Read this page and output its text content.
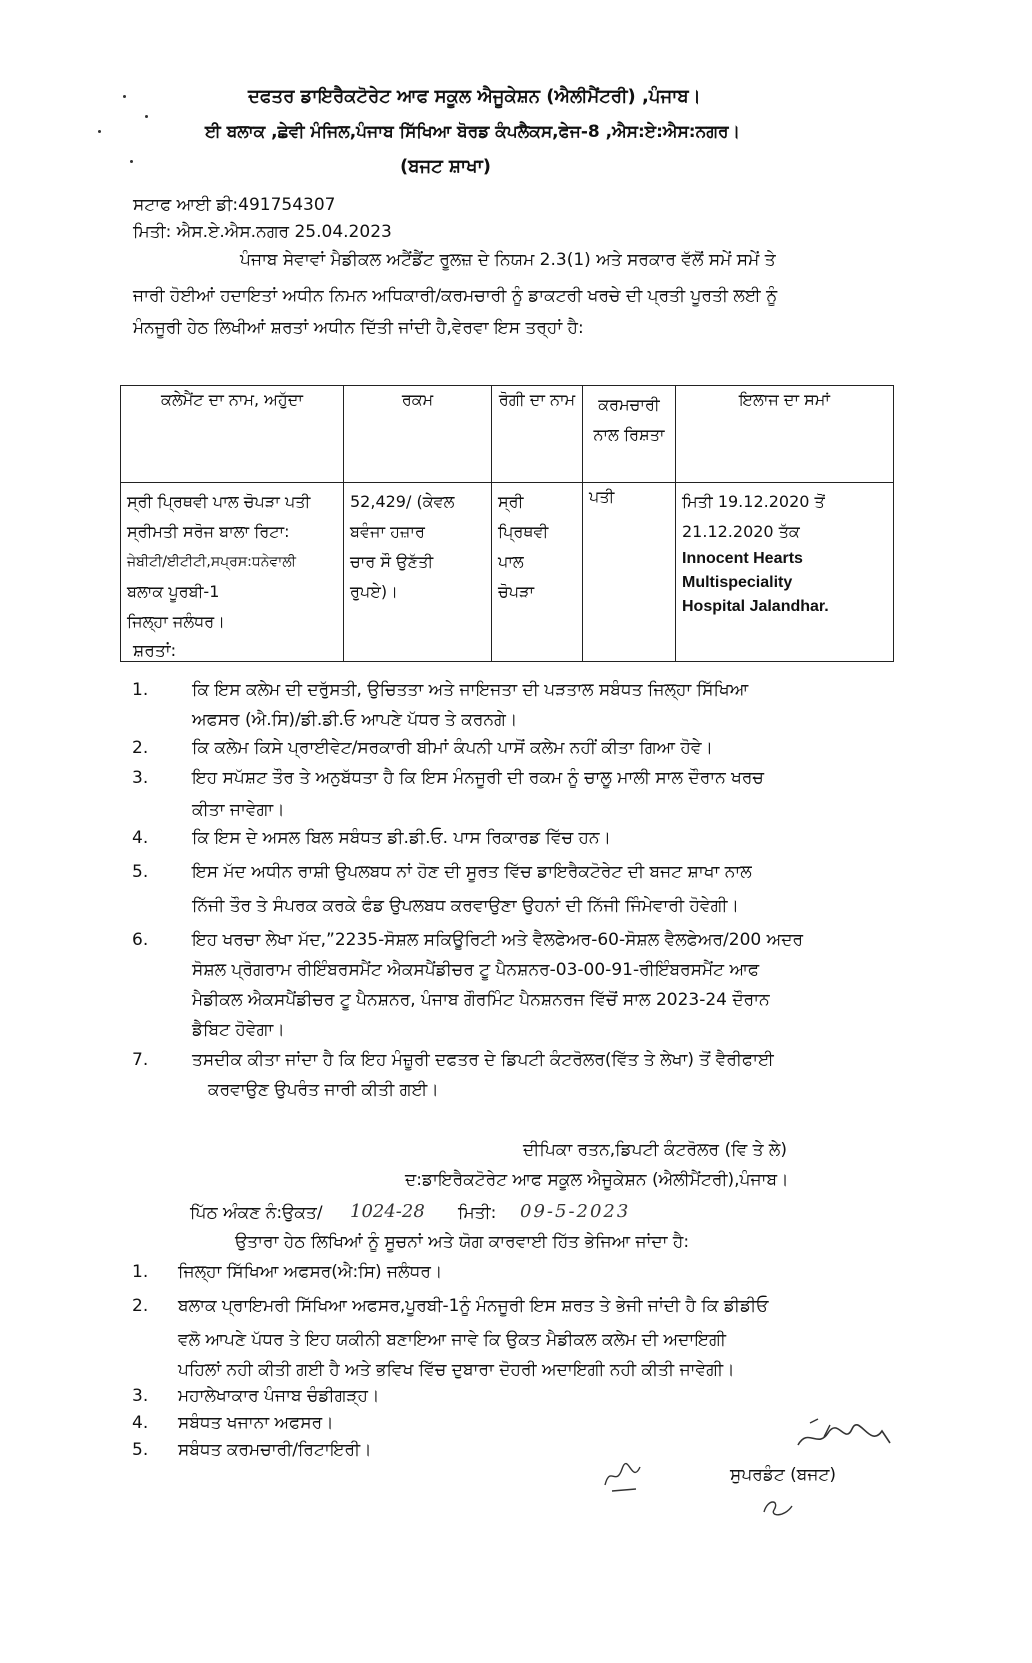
ਦਫਤਰ ਡਾਇਰੈਕਟੋਰੇਟ ਆਫ ਸਕੂਲ ਐਜੂਕੇਸ਼ਨ (ਐਲੀਮੈਂਟਰੀ) ,ਪੰਜਾਬ।
ਈ ਬਲਾਕ ,ਛੇਵੀ ਮੰਜਿਲ,ਪੰਜਾਬ ਸਿੱਖਿਆ ਬੋਰਡ ਕੰਪਲੈਕਸ,ਫੇਜ-8 ,ਐਸ:ਏ:ਐਸ:ਨਗਰ।
(ਬਜਟ ਸ਼ਾਖਾ)
ਸਟਾਫ ਆਈ ਡੀ:491754307
ਮਿਤੀ: ਐਸ.ਏ.ਐਸ.ਨਗਰ 25.04.2023
ਪੰਜਾਬ ਸੇਵਾਵਾਂ ਮੈਡੀਕਲ ਅਟੈਂਡੈਂਟ ਰੂਲਜ਼ ਦੇ ਨਿਯਮ 2.3(1) ਅਤੇ ਸਰਕਾਰ ਵੱਲੋਂ ਸਮੇਂ ਸਮੇਂ ਤੇ
ਜਾਰੀ ਹੋਈਆਂ ਹਦਾਇਤਾਂ ਅਧੀਨ ਨਿਮਨ ਅਧਿਕਾਰੀ/ਕਰਮਚਾਰੀ ਨੂੰ ਡਾਕਟਰੀ ਖਰਚੇ ਦੀ ਪ੍ਰਤੀ ਪੂਰਤੀ ਲਈ ਨੂੰ
ਮੰਨਜੂਰੀ ਹੇਠ ਲਿਖੀਆਂ ਸ਼ਰਤਾਂ ਅਧੀਨ ਦਿੱਤੀ ਜਾਂਦੀ ਹੈ,ਵੇਰਵਾ ਇਸ ਤਰ੍ਹਾਂ ਹੈ:
ਕਲੇਮੈਂਟ ਦਾ ਨਾਮ, ਅਹੁੱਦਾ	ਰਕਮ	ਰੋਗੀ ਦਾ ਨਾਮ	ਕਰਮਚਾਰੀ ਨਾਲ ਰਿਸ਼ਤਾ	ਇਲਾਜ ਦਾ ਸਮਾਂ

ਸ੍ਰੀ ਪ੍ਰਿਥਵੀ ਪਾਲ ਚੋਪੜਾ ਪਤੀ
ਸ੍ਰੀਮਤੀ ਸਰੋਜ ਬਾਲਾ ਰਿਟਾ:
ਜੇਬੀਟੀ/ਈਟੀਟੀ,ਸਪ੍ਰਸ:ਧਨੇਵਾਲੀ
ਬਲਾਕ ਪੂਰਬੀ-1
ਜਿਲ੍ਹਾ ਜਲੰਧਰ।	52,429/ (ਕੇਵਲ
ਬਵੰਜਾ ਹਜ਼ਾਰ
ਚਾਰ ਸੌ ਉਣੱਤੀ
ਰੁਪਏ)।	ਸ੍ਰੀ ਪ੍ਰਿਥਵੀ
ਪਾਲ
ਚੋਪੜਾ	ਪਤੀ	ਮਿਤੀ 19.12.2020 ਤੋਂ
21.12.2020 ਤੱਕ
Innocent Hearts
Multispeciality
Hospital Jalandhar.
ਸ਼ਰਤਾਂ:
1.	ਕਿ ਇਸ ਕਲੇਮ ਦੀ ਦਰੁੱਸਤੀ, ਉਚਿਤਤਾ ਅਤੇ ਜਾਇਜਤਾ ਦੀ ਪੜਤਾਲ ਸਬੰਧਤ ਜਿਲ੍ਹਾ ਸਿੱਖਿਆ
ਅਫਸਰ (ਐ.ਸਿ)/ਡੀ.ਡੀ.ਓ ਆਪਣੇ ਪੱਧਰ ਤੇ ਕਰਨਗੇ।
2.	ਕਿ ਕਲੇਮ ਕਿਸੇ ਪ੍ਰਾਈਵੇਟ/ਸਰਕਾਰੀ ਬੀਮਾਂ ਕੰਪਨੀ ਪਾਸੋਂ ਕਲੇਮ ਨਹੀਂ ਕੀਤਾ ਗਿਆ ਹੋਵੇ।
3.	ਇਹ ਸਪੱਸ਼ਟ ਤੌਰ ਤੇ ਅਨੁਬੱਧਤਾ ਹੈ ਕਿ ਇਸ ਮੰਨਜੂਰੀ ਦੀ ਰਕਮ ਨੂੰ ਚਾਲੂ ਮਾਲੀ ਸਾਲ ਦੌਰਾਨ ਖਰਚ
ਕੀਤਾ ਜਾਵੇਗਾ।
4.	ਕਿ ਇਸ ਦੇ ਅਸਲ ਬਿਲ ਸਬੰਧਤ ਡੀ.ਡੀ.ਓ. ਪਾਸ ਰਿਕਾਰਡ ਵਿੱਚ ਹਨ।
5.	ਇਸ ਮੱਦ ਅਧੀਨ ਰਾਸ਼ੀ ਉਪਲਬਧ ਨਾਂ ਹੋਣ ਦੀ ਸੂਰਤ ਵਿੱਚ ਡਾਇਰੈਕਟੋਰੇਟ ਦੀ ਬਜਟ ਸ਼ਾਖਾ ਨਾਲ
ਨਿੱਜੀ ਤੌਰ ਤੇ ਸੰਪਰਕ ਕਰਕੇ ਫੰਡ ਉਪਲਬਧ ਕਰਵਾਉਣਾ ਉਹਨਾਂ ਦੀ ਨਿੱਜੀ ਜਿੰਮੇਵਾਰੀ ਹੋਵੇਗੀ।
6.	ਇਹ ਖਰਚਾ ਲੇਖਾ ਮੱਦ,”2235-ਸੋਸ਼ਲ ਸਕਿਊਰਿਟੀ ਅਤੇ ਵੈਲਫੇਅਰ-60-ਸੋਸ਼ਲ ਵੈਲਫੇਅਰ/200 ਅਦਰ
ਸੋਸ਼ਲ ਪ੍ਰੋਗਰਾਮ ਰੀਇੰਬਰਸਮੈਂਟ ਐਕਸਪੈਂਡੀਚਰ ਟੂ ਪੈਨਸ਼ਨਰ-03-00-91-ਰੀਇੰਬਰਸਮੈਂਟ ਆਫ
ਮੈਡੀਕਲ ਐਕਸਪੈਂਡੀਚਰ ਟੂ ਪੈਨਸ਼ਨਰ, ਪੰਜਾਬ ਗੌਰਮਿੰਟ ਪੈਨਸ਼ਨਰਜ ਵਿੱਚੋਂ ਸਾਲ 2023-24 ਦੌਰਾਨ
ਡੈਬਿਟ ਹੋਵੇਗਾ।
7.	ਤਸਦੀਕ ਕੀਤਾ ਜਾਂਦਾ ਹੈ ਕਿ ਇਹ ਮੰਜ਼ੂਰੀ ਦਫਤਰ ਦੇ ਡਿਪਟੀ ਕੰਟਰੋਲਰ(ਵਿੱਤ ਤੇ ਲੇਖਾ) ਤੋਂ ਵੈਰੀਫਾਈ
ਕਰਵਾਉਣ ਉਪਰੰਤ ਜਾਰੀ ਕੀਤੀ ਗਈ।
ਦੀਪਿਕਾ ਰਤਨ,ਡਿਪਟੀ ਕੰਟਰੋਲਰ (ਵਿ ਤੇ ਲੇ)
ਦ:ਡਾਇਰੈਕਟੋਰੇਟ ਆਫ ਸਕੂਲ ਐਜੂਕੇਸ਼ਨ (ਐਲੀਮੈਂਟਰੀ),ਪੰਜਾਬ।
ਪਿੱਠ ਅੰਕਣ ਨੰ:ਉਕਤ/ 1024-28 ਮਿਤੀ: 09-5-2023
ਉਤਾਰਾ ਹੇਠ ਲਿਖਿਆਂ ਨੂੰ ਸੂਚਨਾਂ ਅਤੇ ਯੋਗ ਕਾਰਵਾਈ ਹਿੱਤ ਭੇਜਿਆ ਜਾਂਦਾ ਹੈ:
1. ਜਿਲ੍ਹਾ ਸਿੱਖਿਆ ਅਫਸਰ(ਐ:ਸਿ) ਜਲੰਧਰ।
2. ਬਲਾਕ ਪ੍ਰਾਇਮਰੀ ਸਿੱਖਿਆ ਅਫਸਰ,ਪੂਰਬੀ-1ਨੂੰ ਮੰਨਜੂਰੀ ਇਸ ਸ਼ਰਤ ਤੇ ਭੇਜੀ ਜਾਂਦੀ ਹੈ ਕਿ ਡੀਡੀਓ
ਵਲੋ ਆਪਣੇ ਪੱਧਰ ਤੇ ਇਹ ਯਕੀਨੀ ਬਣਾਇਆ ਜਾਵੇ ਕਿ ਉਕਤ ਮੈਡੀਕਲ ਕਲੇਮ ਦੀ ਅਦਾਇਗੀ
ਪਹਿਲਾਂ ਨਹੀ ਕੀਤੀ ਗਈ ਹੈ ਅਤੇ ਭਵਿਖ ਵਿੱਚ ਦੁਬਾਰਾ ਦੋਹਰੀ ਅਦਾਇਗੀ ਨਹੀ ਕੀਤੀ ਜਾਵੇਗੀ।
3. ਮਹਾਲੇਖਾਕਾਰ ਪੰਜਾਬ ਚੰਡੀਗੜ੍ਹ।
4. ਸਬੰਧਤ ਖਜਾਨਾ ਅਫਸਰ।
5. ਸਬੰਧਤ ਕਰਮਚਾਰੀ/ਰਿਟਾਇਰੀ।
ਸੁਪਰਡੰਟ (ਬਜਟ)
